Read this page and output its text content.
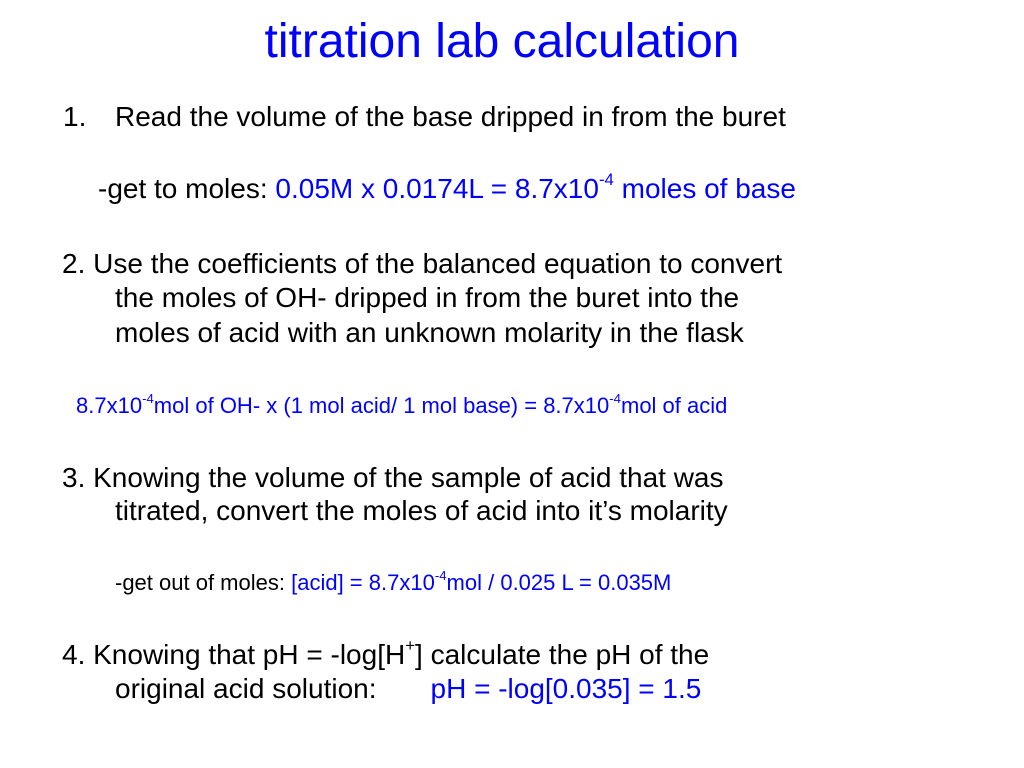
titration lab calculation
1. Read the volume of the base dripped in from the buret
-get to moles: 0.05M x $0.0174L = 8.7x10^{-4}$ moles of base
2. Use the coefficients of the balanced equation to convert
the moles of OH- dripped in from the buret into the
moles of acid with an unknown molarity in the flask
$8.7x10^{-4}mol$ of OH- x (1 mol acid/ 1 mol base) = $8.7x10^{-4}mol$ of acid
3. Knowing the volume of the sample of acid that was
titrated, convert the moles of acid into it’s molarity
-get out of moles: [acid] = $8.7x10^{-4}mol / 0.025$ L = 0.035M
4. Knowing that pH = -log[H+] calculate the pH of the
original acid solution: pH = -log[0.035] = 1.5
